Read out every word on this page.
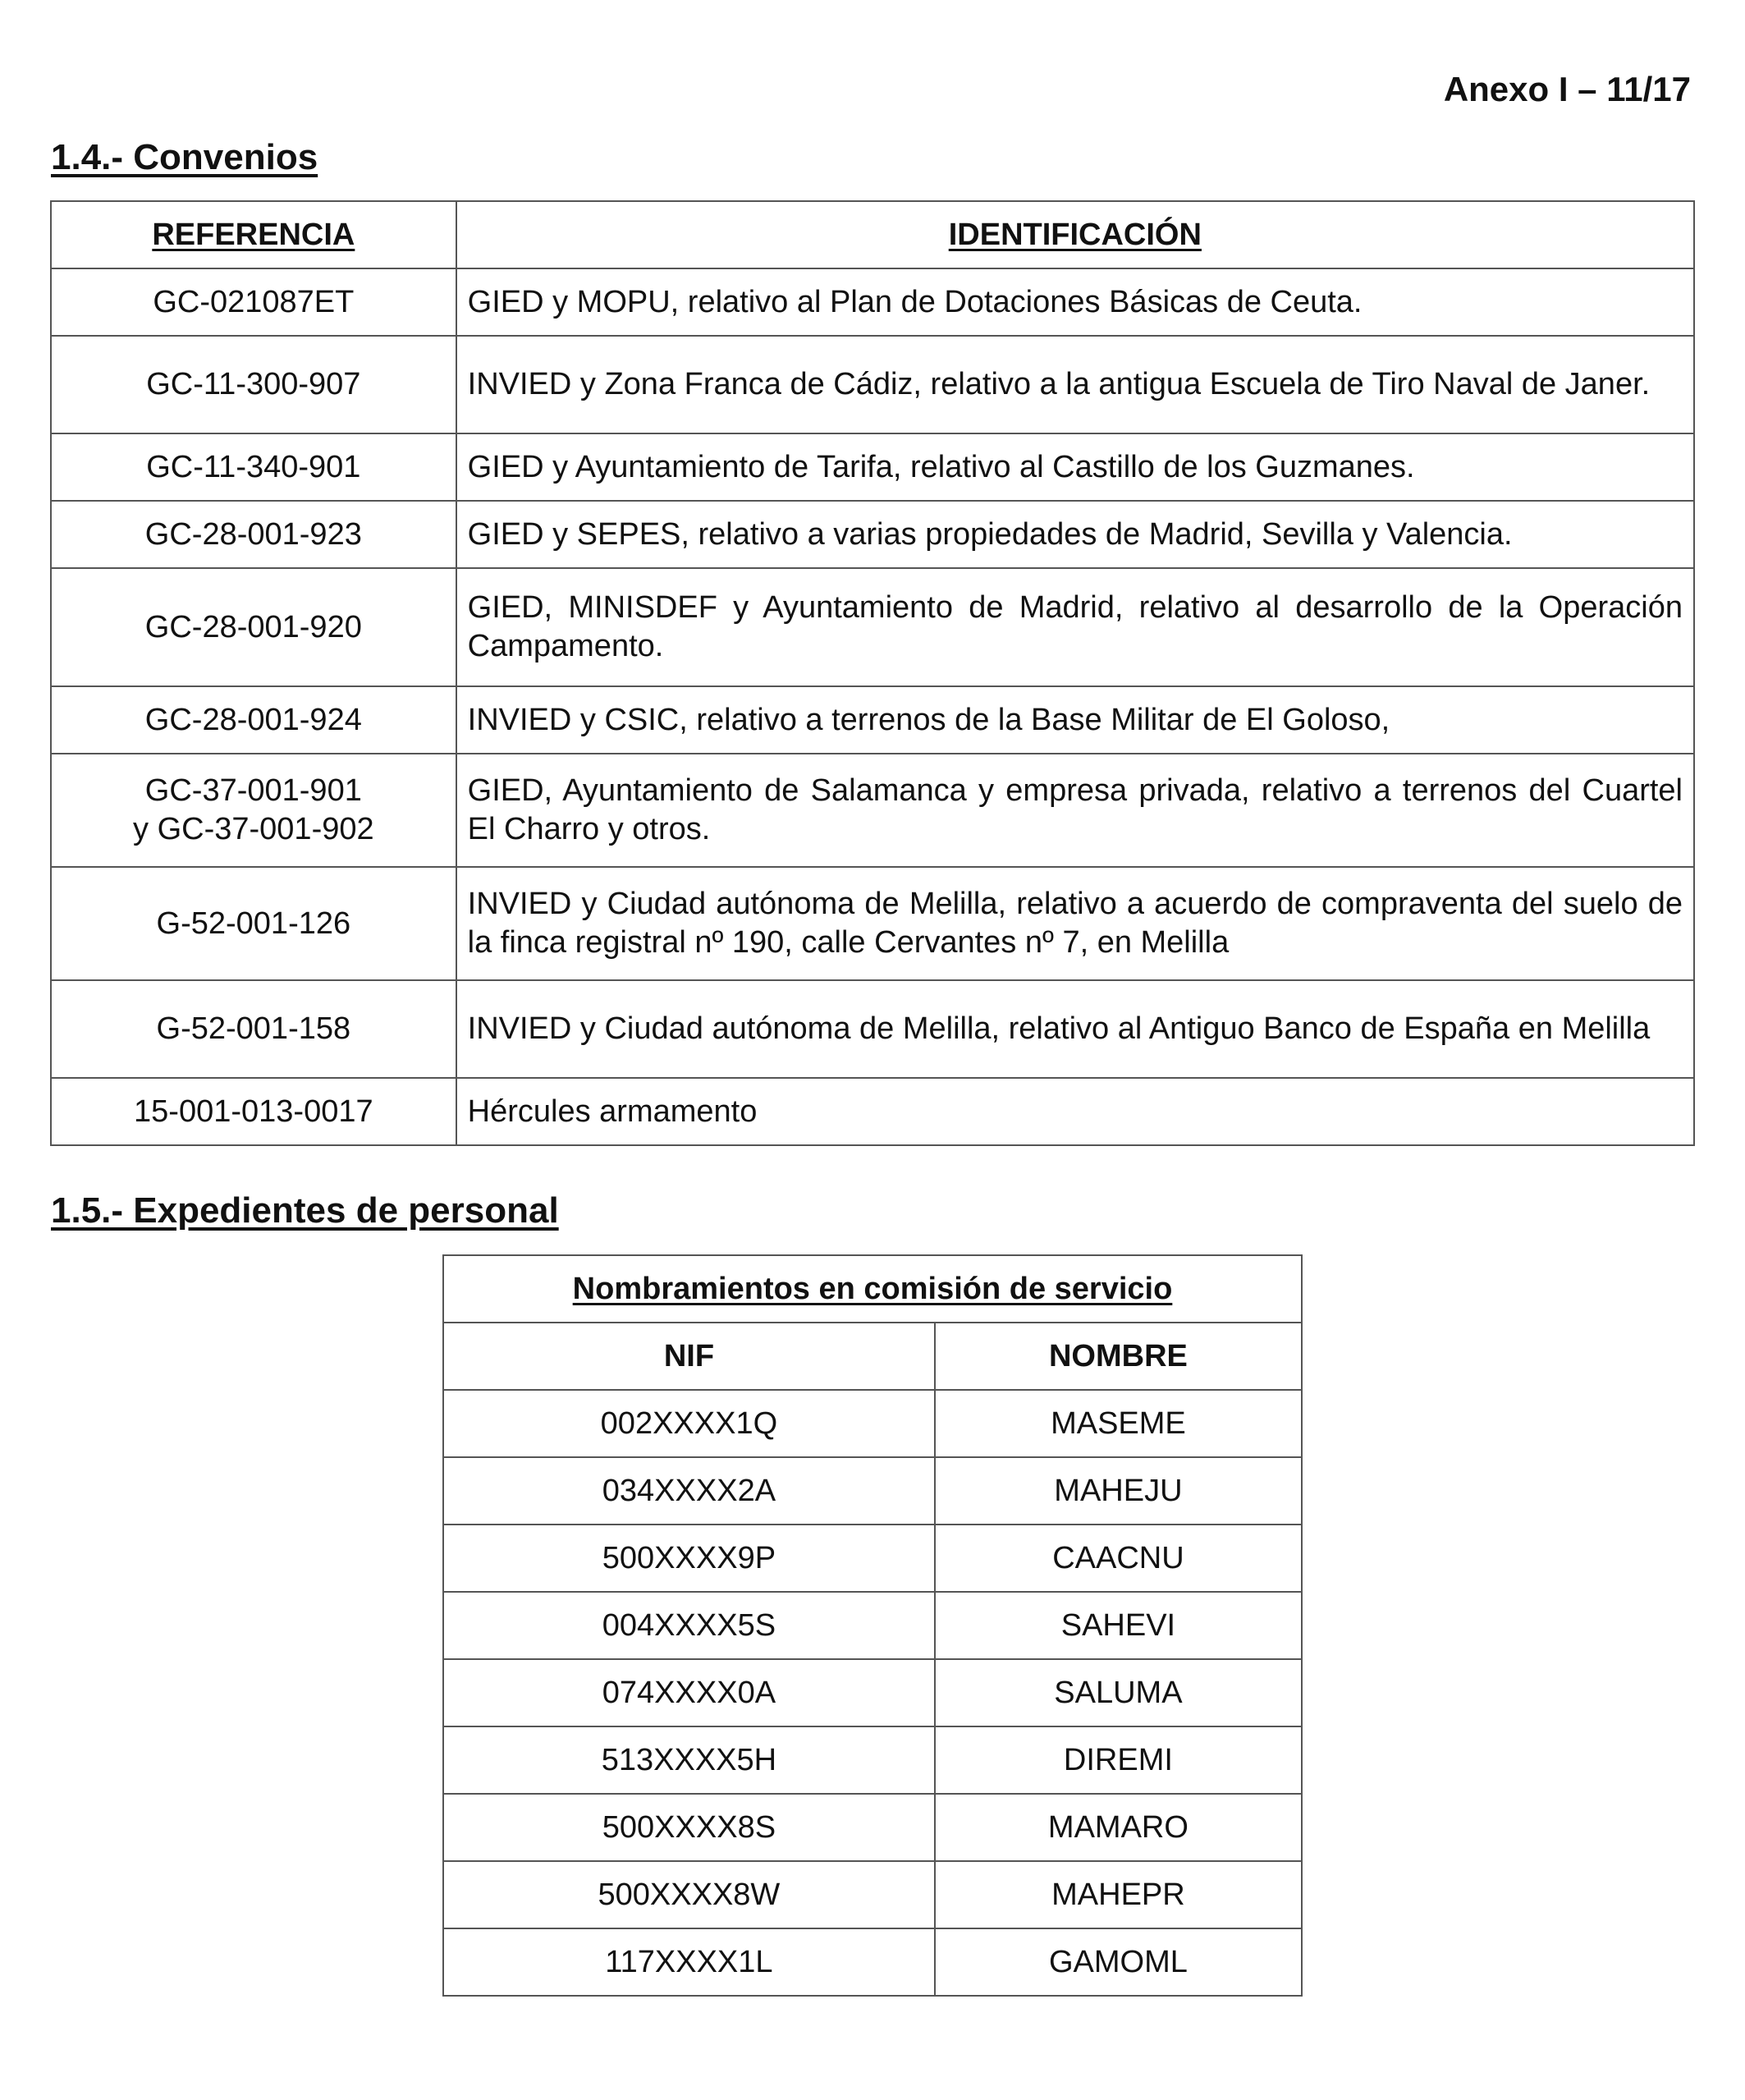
Anexo I – 11/17

1.4.- Convenios
REFERENCIA	IDENTIFICACIÓN
GC-021087ET	GIED y MOPU, relativo al Plan de Dotaciones Básicas de Ceuta.
GC-11-300-907	INVIED y Zona Franca de Cádiz, relativo a la antigua Escuela de Tiro Naval de Janer.
GC-11-340-901	GIED y Ayuntamiento de Tarifa, relativo al Castillo de los Guzmanes.
GC-28-001-923	GIED y SEPES, relativo a varias propiedades de Madrid, Sevilla y Valencia.
GC-28-001-920	GIED, MINISDEF y Ayuntamiento de Madrid, relativo al desarrollo de la Operación Campamento.
GC-28-001-924	INVIED y CSIC, relativo a terrenos de la Base Militar de El Goloso,
GC-37-001-901
y GC-37-001-902	GIED, Ayuntamiento de Salamanca y empresa privada, relativo a terrenos del Cuartel El Charro y otros.
G-52-001-126	INVIED y Ciudad autónoma de Melilla, relativo a acuerdo de compraventa del suelo de la finca registral nº 190, calle Cervantes nº 7, en Melilla
G-52-001-158	INVIED y Ciudad autónoma de Melilla, relativo al Antiguo Banco de España en Melilla
15-001-013-0017	Hércules armamento
1.5.- Expedientes de personal
Nombramientos en comisión de servicio	
NIF	NOMBRE
002XXXX1Q	MASEME
034XXXX2A	MAHEJU
500XXXX9P	CAACNU
004XXXX5S	SAHEVI
074XXXX0A	SALUMA
513XXXX5H	DIREMI
500XXXX8S	MAMARO
500XXXX8W	MAHEPR
117XXXX1L	GAMOML
